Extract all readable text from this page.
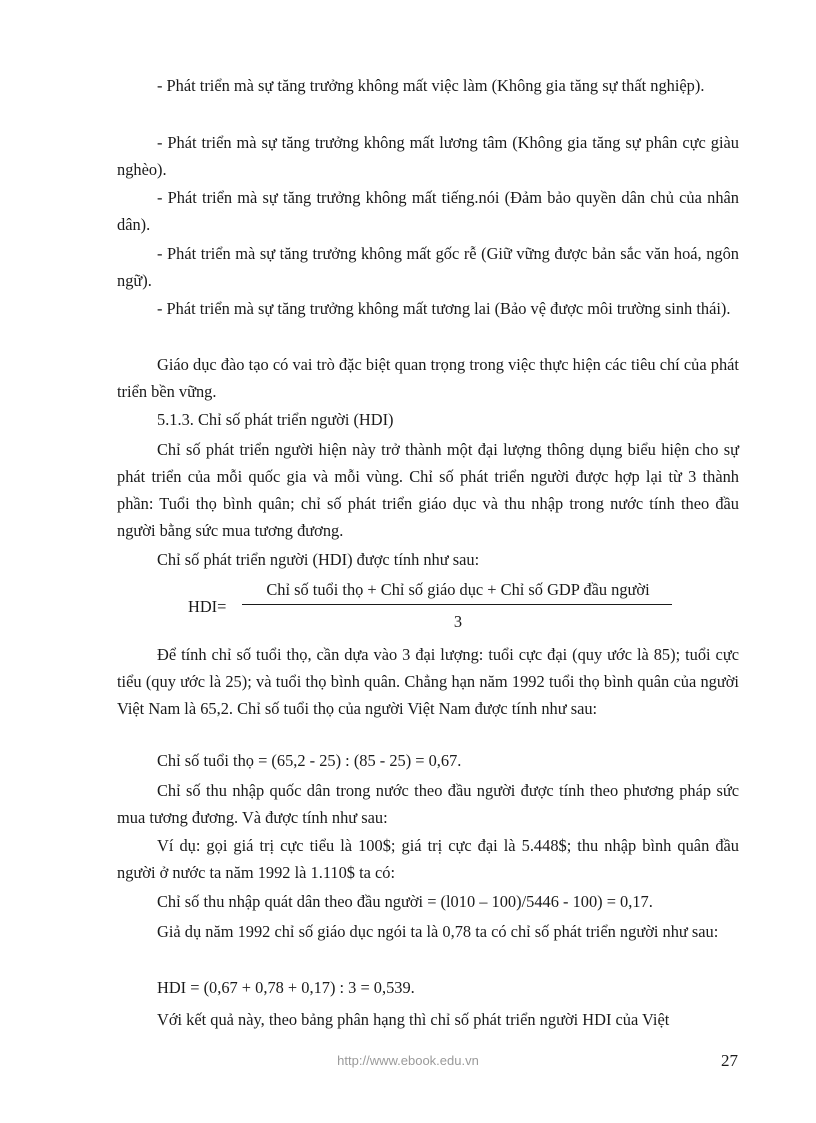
- Phát triển mà sự tăng trưởng không mất việc làm (Không gia tăng sự thất nghiệp).

- Phát triển mà sự tăng trưởng không mất lương tâm (Không gia tăng sự phân cực giàu nghèo).

- Phát triển mà sự tăng trưởng không mất tiếng.nói (Đảm bảo quyền dân chủ của nhân dân).

- Phát triển mà sự tăng trưởng không mất gốc rễ (Giữ vững được bản sắc văn hoá, ngôn ngữ).

- Phát triển mà sự tăng trưởng không mất tương lai (Bảo vệ được môi trường sinh thái).

Giáo dục đào tạo có vai trò đặc biệt quan trọng trong việc thực hiện các tiêu chí của phát triển bền vững.

5.1.3. Chỉ số phát triển người (HDI)

Chỉ số phát triển người hiện này trở thành một đại lượng thông dụng biểu hiện cho sự phát triển của mỗi quốc gia và mỗi vùng. Chỉ số phát triển người được hợp lại từ 3 thành phần: Tuổi thọ bình quân; chỉ số phát triển giáo dục và thu nhập trong nước tính theo đầu người bằng sức mua tương đương.

Chỉ số phát triển người (HDI) được tính như sau:

HDI=
Chỉ số tuổi thọ + Chỉ số giáo dục + Chỉ số GDP đầu người
3

Để tính chỉ số tuổi thọ, cần dựa vào 3 đại lượng: tuổi cực đại (quy ước là 85); tuổi cực tiểu (quy ước là 25); và tuổi thọ bình quân. Chẳng hạn năm 1992 tuổi thọ bình quân của người Việt Nam là 65,2. Chỉ số tuổi thọ của người Việt Nam được tính như sau:

Chỉ số tuổi thọ = (65,2 - 25) : (85 - 25) = 0,67.

Chỉ số thu nhập quốc dân trong nước theo đầu người được tính theo phương pháp sức mua tương đương. Và được tính như sau:

Ví dụ: gọi giá trị cực tiểu là 100$; giá trị cực đại là 5.448$; thu nhập bình quân đầu người ở nước ta năm 1992 là 1.110$ ta có:

Chỉ số thu nhập quát dân theo đầu người = (l010 – 100)/5446 - 100) = 0,17.

Giả dụ năm 1992 chỉ số giáo dục ngói ta là 0,78 ta có chỉ số phát triển người như sau:

HDI = (0,67 + 0,78 + 0,17) : 3 = 0,539.

Với kết quả này, theo bảng phân hạng thì chỉ số phát triển người HDI của Việt

http://www.ebook.edu.vn	27
